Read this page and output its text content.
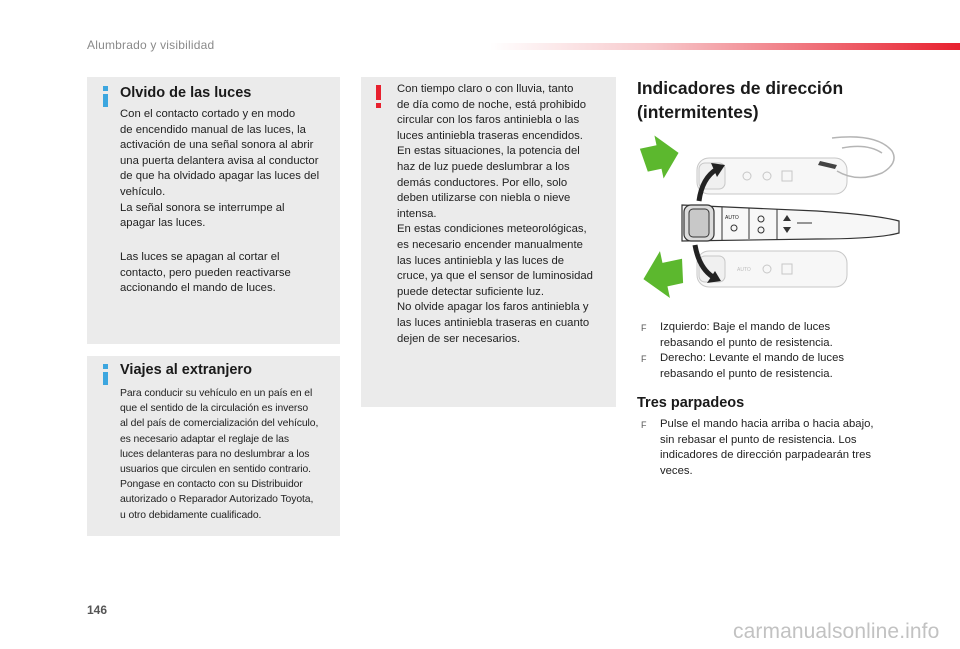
Alumbrado y visibilidad
Olvido de las luces
Con el contacto cortado y en modo
de encendido manual de las luces, la
activación de una señal sonora al abrir
una puerta delantera avisa al conductor
de que ha olvidado apagar las luces del
vehículo.
La señal sonora se interrumpe al
apagar las luces.
Las luces se apagan al cortar el
contacto, pero pueden reactivarse
accionando el mando de luces.
Viajes al extranjero
Para conducir su vehículo en un país en el
que el sentido de la circulación es inverso
al del país de comercialización del vehículo,
es necesario adaptar el reglaje de las
luces delanteras para no deslumbrar a los
usuarios que circulen en sentido contrario.
Pongase en contacto con su Distribuidor
autorizado o Reparador Autorizado Toyota,
u otro debidamente cualificado.
Con tiempo claro o con lluvia, tanto
de día como de noche, está prohibido
circular con los faros antiniebla o las
luces antiniebla traseras encendidos.
En estas situaciones, la potencia del
haz de luz puede deslumbrar a los
demás conductores. Por ello, solo
deben utilizarse con niebla o nieve
intensa.
En estas condiciones meteorológicas,
es necesario encender manualmente
las luces antiniebla y las luces de
cruce, ya que el sensor de luminosidad
puede detectar suficiente luz.
No olvide apagar los faros antiniebla y
las luces antiniebla traseras en cuanto
dejen de ser necesarios.
Indicadores de dirección
(intermitentes)
AUTO
AUTO
F Izquierdo: Baje el mando de luces
rebasando el punto de resistencia.
F Derecho: Levante el mando de luces
rebasando el punto de resistencia.
Tres parpadeos
F Pulse el mando hacia arriba o hacia abajo,
sin rebasar el punto de resistencia. Los
indicadores de dirección parpadearán tres
veces.
146
carmanualsonline.info
